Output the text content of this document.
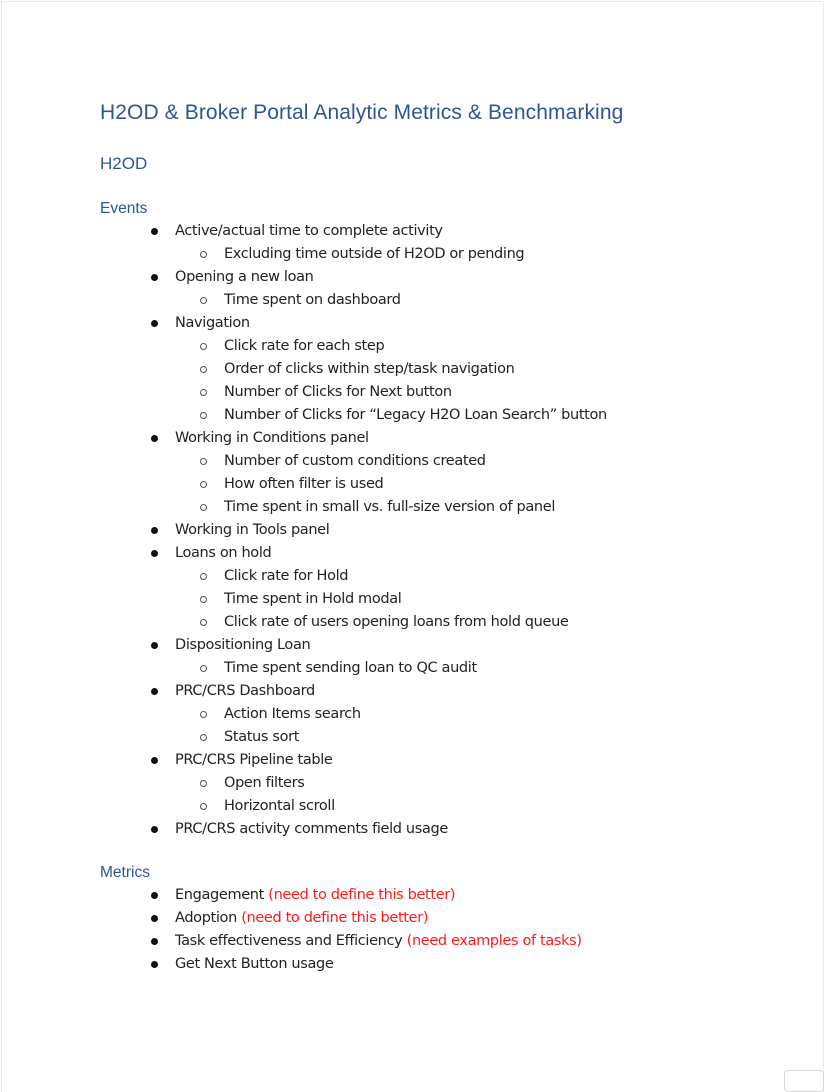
H2OD & Broker Portal Analytic Metrics & Benchmarking
H2OD
Events
Active/actual time to complete activity
Excluding time outside of H2OD or pending
Opening a new loan
Time spent on dashboard
Navigation
Click rate for each step
Order of clicks within step/task navigation
Number of Clicks for Next button
Number of Clicks for “Legacy H2O Loan Search” button
Working in Conditions panel
Number of custom conditions created
How often filter is used
Time spent in small vs. full-size version of panel
Working in Tools panel
Loans on hold
Click rate for Hold
Time spent in Hold modal
Click rate of users opening loans from hold queue
Dispositioning Loan
Time spent sending loan to QC audit
PRC/CRS Dashboard
Action Items search
Status sort
PRC/CRS Pipeline table
Open filters
Horizontal scroll
PRC/CRS activity comments field usage
Metrics
Engagement (need to define this better)
Adoption (need to define this better)
Task effectiveness and Efficiency (need examples of tasks)
Get Next Button usage
